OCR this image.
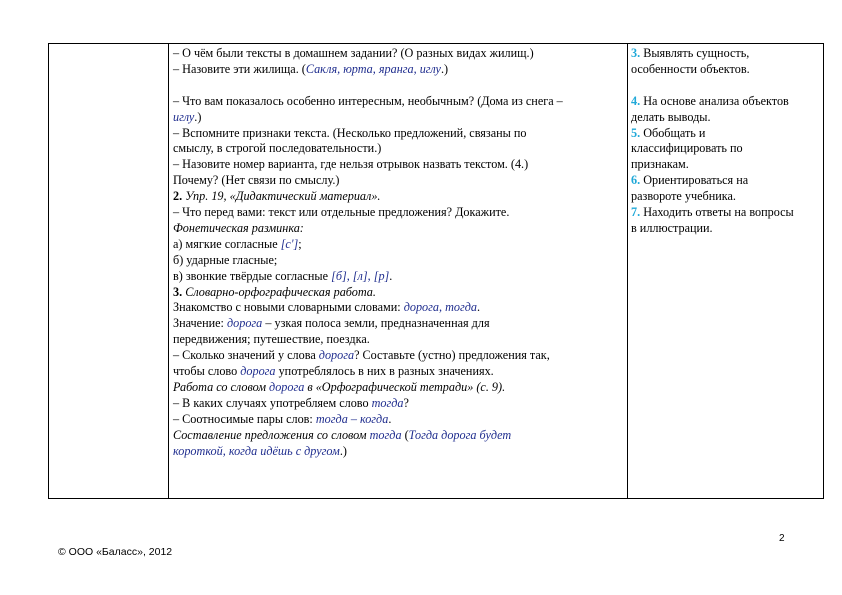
– О чём были тексты в домашнем задании? (О разных видах жилищ.)

– Назовите эти жилища. (Сакля, юрта, яранга, иглу.)

– Что вам показалось особенно интересным, необычным? (Дома из снега –

иглу.)

– Вспомните признаки текста. (Несколько предложений, связаны по

смыслу, в строгой последовательности.)

– Назовите номер варианта, где нельзя отрывок назвать текстом. (4.)

Почему? (Нет связи по смыслу.)

2. Упр. 19, «Дидактический материал».

– Что перед вами: текст или отдельные предложения? Докажите.

Фонетическая разминка:

а) мягкие согласные [с'];

б) ударные гласные;

в) звонкие твёрдые согласные [б], [л], [р].

3. Словарно-орфографическая работа.

Знакомство с новыми словарными словами: дорога, тогда.

Значение: дорога – узкая полоса земли, предназначенная для

передвижения; путешествие, поездка.

– Сколько значений у слова дорога? Составьте (устно) предложения так,

чтобы слово дорога употреблялось в них в разных значениях.

Работа со словом дорога в «Орфографической тетради» (с. 9).

– В каких случаях употребляем слово тогда?

– Соотносимые пары слов: тогда – когда.

Составление предложения со словом тогда (Тогда дорога будет

короткой, когда идёшь с другом.)

3. Выявлять сущность,

особенности объектов.

4. На основе анализа объектов

делать выводы.

5. Обобщать и

классифицировать по

признакам.

6. Ориентироваться на

развороте учебника.

7. Находить ответы на вопросы

в иллюстрации.

2
© ООО «Баласс», 2012
